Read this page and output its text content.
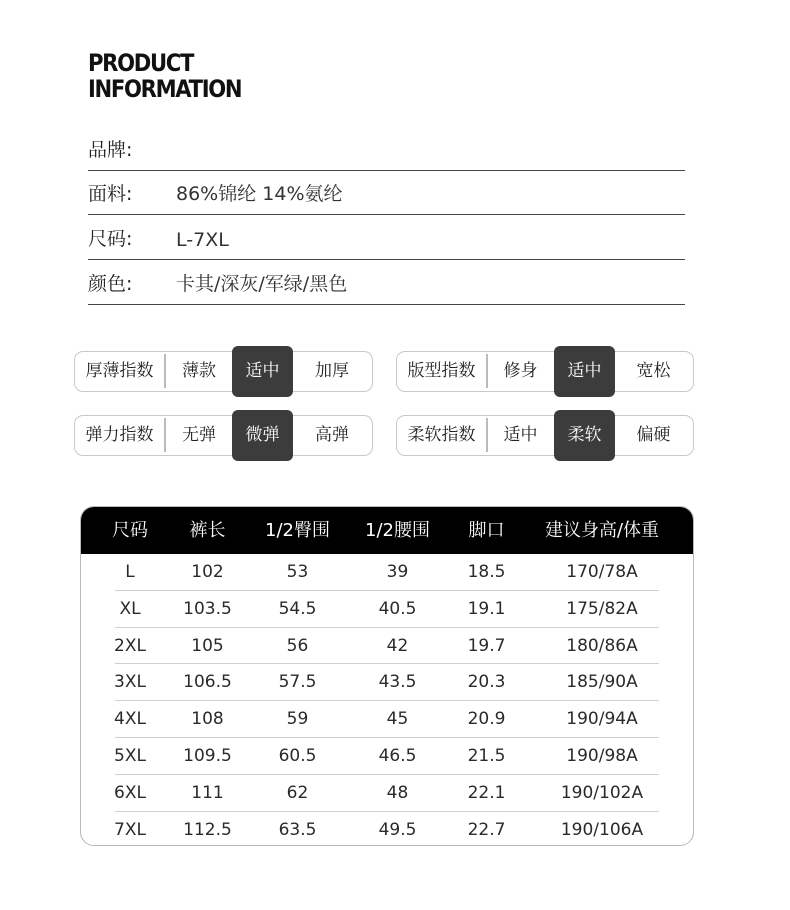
PRODUCT
INFORMATION
品牌:
面料: 86%锦纶 14%氨纶
尺码: L-7XL
颜色: 卡其/深灰/军绿/黑色
厚薄指数	薄款	适中	加厚	版型指数	修身	适中	宽松
弹力指数	无弹	微弹	高弹	柔软指数	适中	柔软	偏硬
尺码	裤长	1/2臀围	1/2腰围	脚口	建议身高/体重
L	102	53	39	18.5	170/78A
XL	103.5	54.5	40.5	19.1	175/82A
2XL	105	56	42	19.7	180/86A
3XL	106.5	57.5	43.5	20.3	185/90A
4XL	108	59	45	20.9	190/94A
5XL	109.5	60.5	46.5	21.5	190/98A
6XL	111	62	48	22.1	190/102A
7XL	112.5	63.5	49.5	22.7	190/106A
